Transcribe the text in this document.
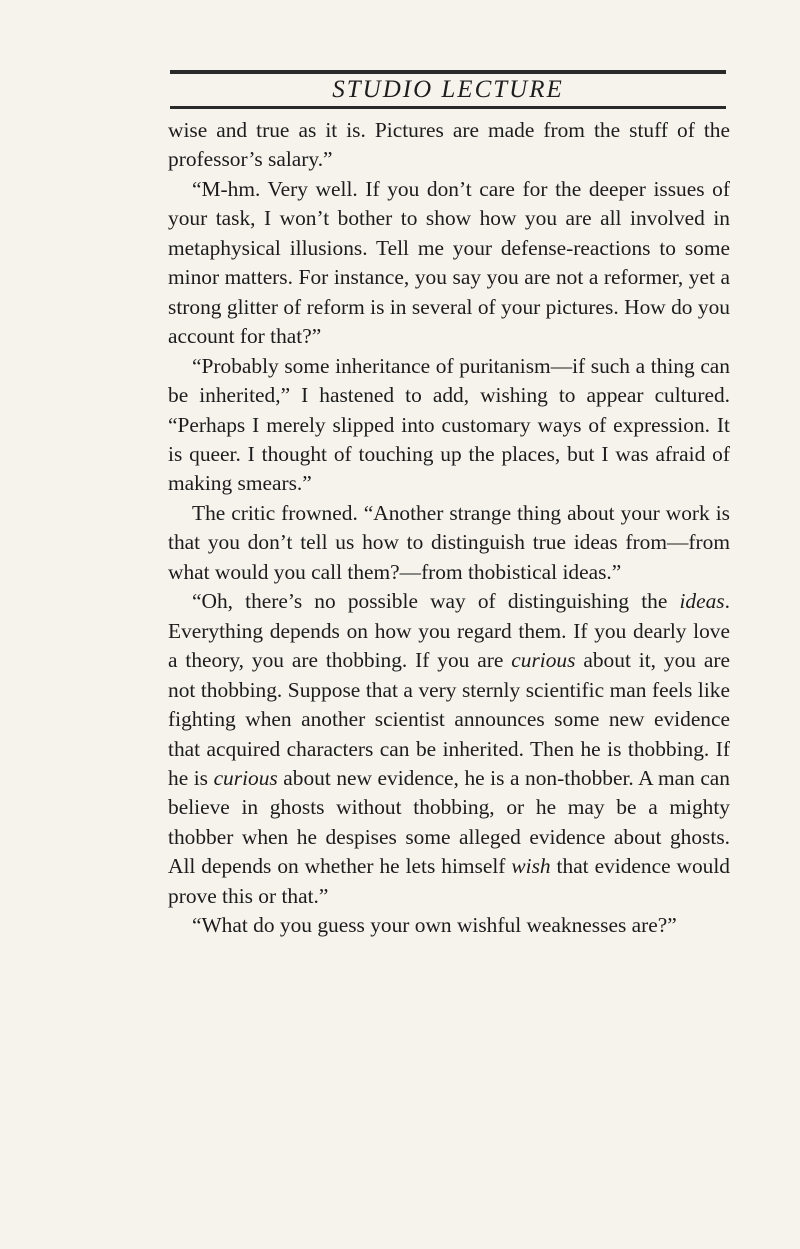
STUDIO LECTURE

wise and true as it is. Pictures are made from the stuff of the professor’s salary.”

“M-hm. Very well. If you don’t care for the deeper issues of your task, I won’t bother to show how you are all involved in metaphysical illusions. Tell me your defense-reactions to some minor matters. For instance, you say you are not a reformer, yet a strong glitter of reform is in several of your pictures. How do you account for that?”

“Probably some inheritance of puritanism—if such a thing can be inherited,” I hastened to add, wishing to appear cultured. “Perhaps I merely slipped into customary ways of expression. It is queer. I thought of touching up the places, but I was afraid of making smears.”

The critic frowned. “Another strange thing about your work is that you don’t tell us how to distinguish true ideas from—from what would you call them?—from thobistical ideas.”

“Oh, there’s no possible way of distinguishing the ideas. Everything depends on how you regard them. If you dearly love a theory, you are thobbing. If you are curious about it, you are not thobbing. Suppose that a very sternly scientific man feels like fighting when another scientist announces some new evidence that acquired characters can be inherited. Then he is thobbing. If he is curious about new evidence, he is a non-thobber. A man can believe in ghosts without thobbing, or he may be a mighty thobber when he despises some alleged evidence about ghosts. All depends on whether he lets himself wish that evidence would prove this or that.”

“What do you guess your own wishful weaknesses are?”
